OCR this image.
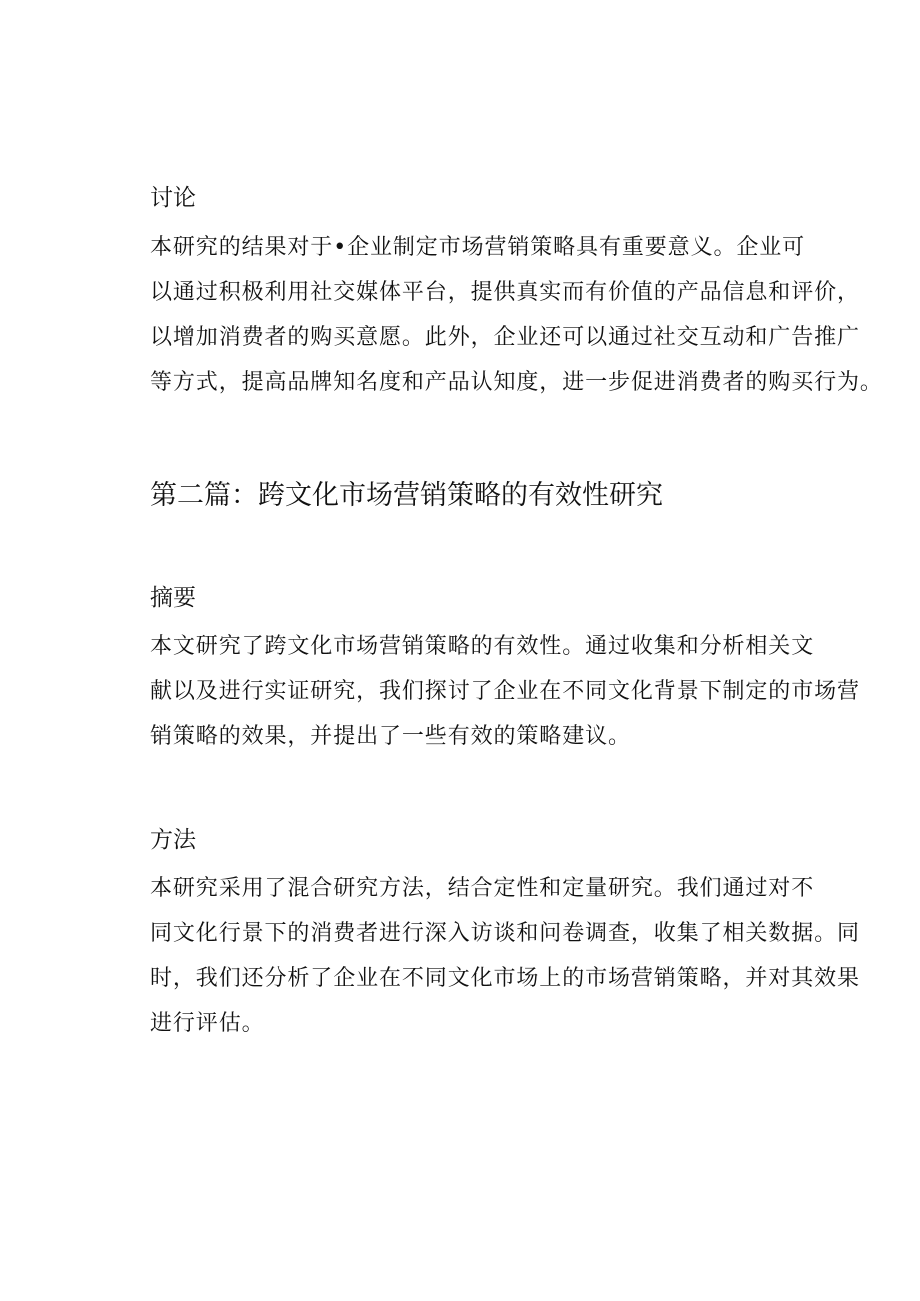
讨论

本研究的结果对于•企业制定市场营销策略具有重要意义。企业可
以通过积极利用社交媒体平台，提供真实而有价值的产品信息和评价，
以增加消费者的购买意愿。此外，企业还可以通过社交互动和广告推广
等方式，提高品牌知名度和产品认知度，进一步促进消费者的购买行为。

第二篇：跨文化市场营销策略的有效性研究
摘要

本文研究了跨文化市场营销策略的有效性。通过收集和分析相关文
献以及进行实证研究，我们探讨了企业在不同文化背景下制定的市场营
销策略的效果，并提出了一些有效的策略建议。

方法

本研究采用了混合研究方法，结合定性和定量研究。我们通过对不
同文化行景下的消费者进行深入访谈和问卷调查，收集了相关数据。同
时，我们还分析了企业在不同文化市场上的市场营销策略，并对其效果
进行评估。
